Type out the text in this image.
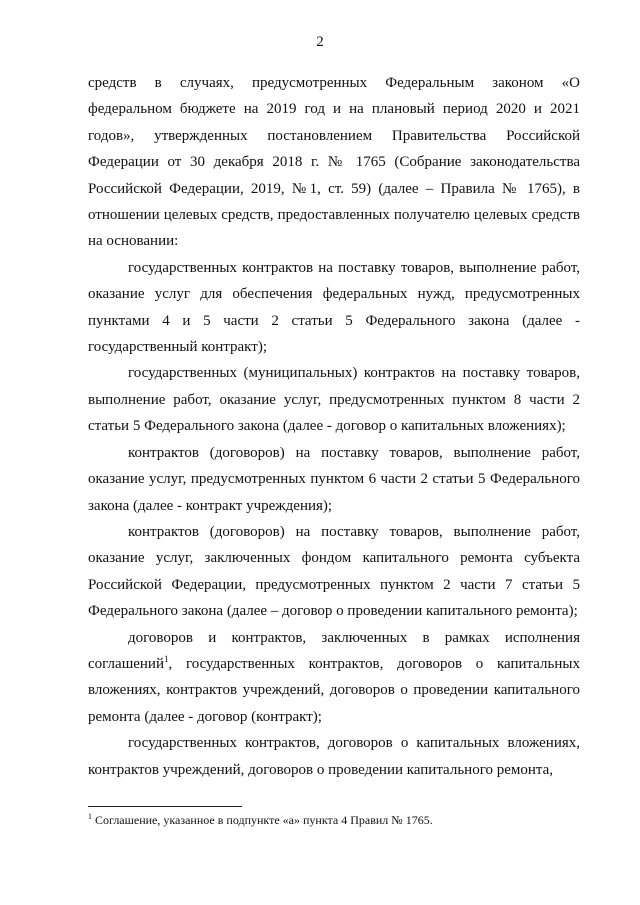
2

средств в случаях, предусмотренных Федеральным законом «О федеральном бюджете на 2019 год и на плановый период 2020 и 2021 годов», утвержденных постановлением Правительства Российской Федерации от 30 декабря 2018 г. № 1765 (Собрание законодательства Российской Федерации, 2019, №1, ст. 59) (далее – Правила № 1765), в отношении целевых средств, предоставленных получателю целевых средств на основании:

государственных контрактов на поставку товаров, выполнение работ, оказание услуг для обеспечения федеральных нужд, предусмотренных пунктами 4 и 5 части 2 статьи 5 Федерального закона (далее - государственный контракт);

государственных (муниципальных) контрактов на поставку товаров, выполнение работ, оказание услуг, предусмотренных пунктом 8 части 2 статьи 5 Федерального закона (далее - договор о капитальных вложениях);

контрактов (договоров) на поставку товаров, выполнение работ, оказание услуг, предусмотренных пунктом 6 части 2 статьи 5 Федерального закона (далее - контракт учреждения);

контрактов (договоров) на поставку товаров, выполнение работ, оказание услуг, заключенных фондом капитального ремонта субъекта Российской Федерации, предусмотренных пунктом 2 части 7 статьи 5 Федерального закона (далее – договор о проведении капитального ремонта);

договоров и контрактов, заключенных в рамках исполнения соглашений$^1$, государственных контрактов, договоров о капитальных вложениях, контрактов учреждений, договоров о проведении капитального ремонта (далее - договор (контракт);

государственных контрактов, договоров о капитальных вложениях, контрактов учреждений, договоров о проведении капитального ремонта,

$^1$ Соглашение, указанное в подпункте «а» пункта 4 Правил № 1765.
